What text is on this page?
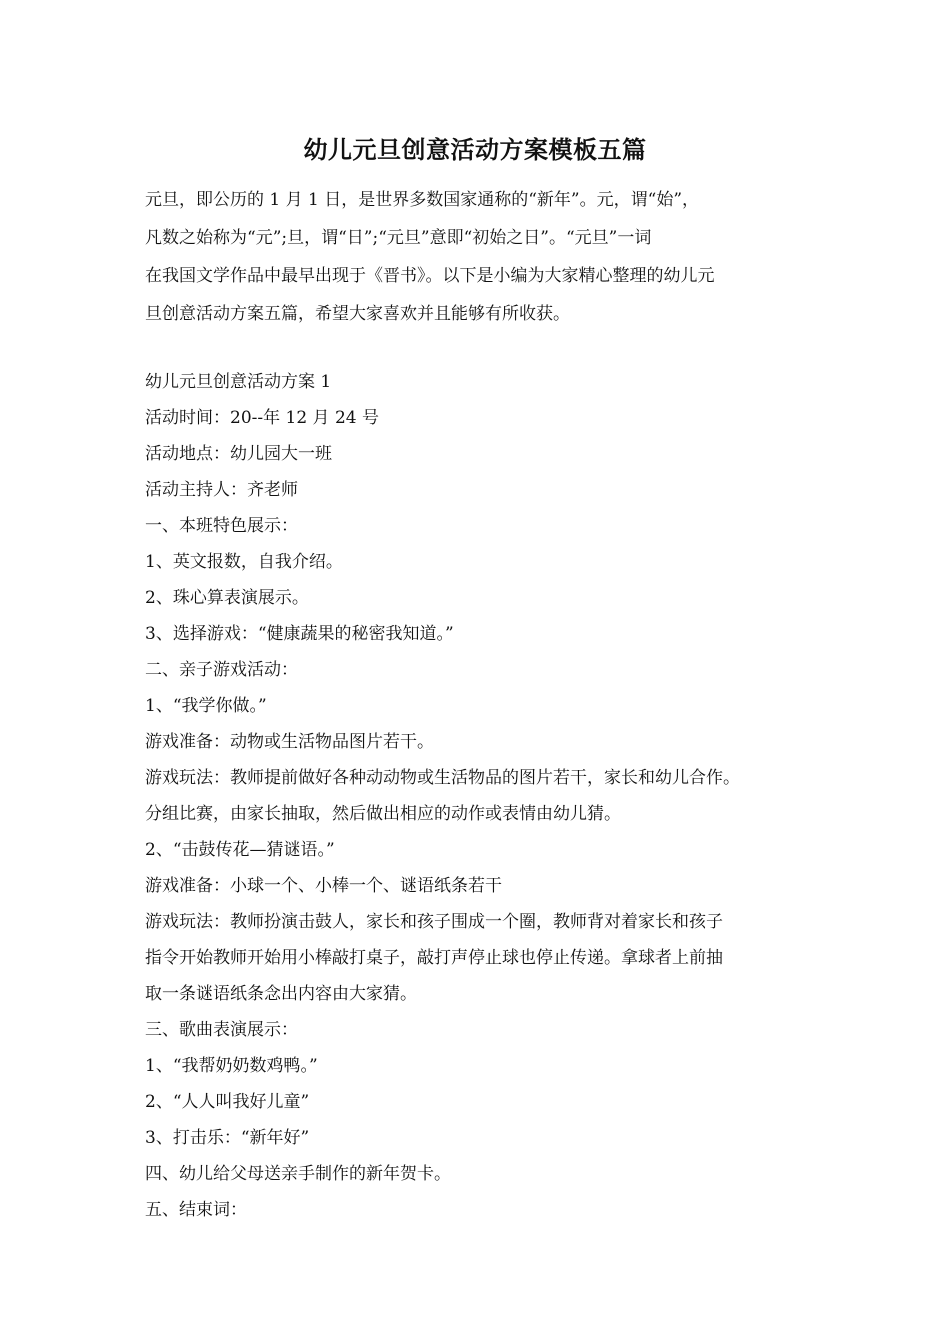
幼儿元旦创意活动方案模板五篇
元旦，即公历的 1 月 1 日，是世界多数国家通称的“新年”。元，谓“始”，
凡数之始称为“元”;旦，谓“日”;“元旦”意即“初始之日”。“元旦”一词
在我国文学作品中最早出现于《晋书》。以下是小编为大家精心整理的幼儿元
旦创意活动方案五篇，希望大家喜欢并且能够有所收获。
幼儿元旦创意活动方案 1
活动时间：20--年 12 月 24 号
活动地点：幼儿园大一班
活动主持人：齐老师
一、本班特色展示：
1、英文报数，自我介绍。
2、珠心算表演展示。
3、选择游戏：“健康蔬果的秘密我知道。”
二、亲子游戏活动：
1、“我学你做。”
游戏准备：动物或生活物品图片若干。
游戏玩法：教师提前做好各种动动物或生活物品的图片若干，家长和幼儿合作。
分组比赛，由家长抽取，然后做出相应的动作或表情由幼儿猜。
2、“击鼓传花—猜谜语。”
游戏准备：小球一个、小棒一个、谜语纸条若干
游戏玩法：教师扮演击鼓人，家长和孩子围成一个圈，教师背对着家长和孩子
指令开始教师开始用小棒敲打桌子，敲打声停止球也停止传递。拿球者上前抽
取一条谜语纸条念出内容由大家猜。
三、歌曲表演展示：
1、“我帮奶奶数鸡鸭。”
2、“人人叫我好儿童”
3、打击乐：“新年好”
四、幼儿给父母送亲手制作的新年贺卡。
五、结束词：
